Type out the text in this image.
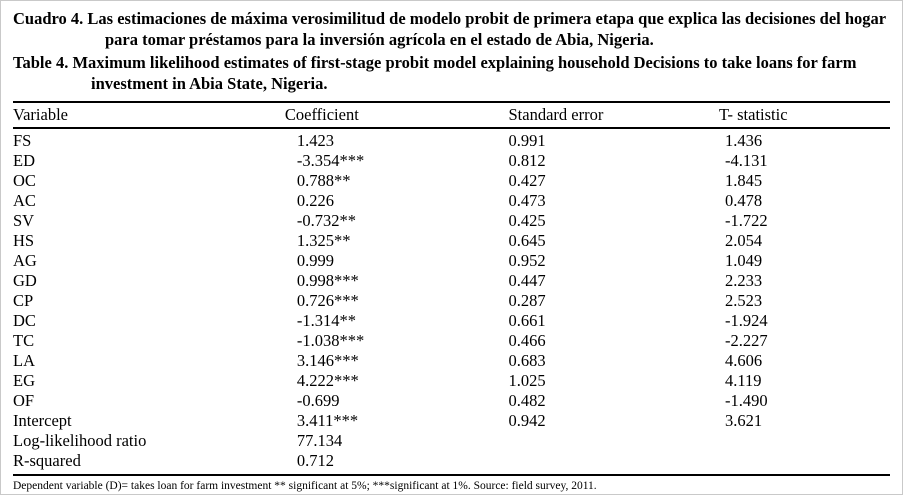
Cuadro 4. Las estimaciones de máxima verosimilitud de modelo probit de primera etapa que explica las decisiones del hogar para tomar préstamos para la inversión agrícola en el estado de Abia, Nigeria.

Table 4. Maximum likelihood estimates of first-stage probit model explaining household Decisions to take loans for farm investment in Abia State, Nigeria.

Variable	Coefficient	Standard error	T- statistic
FS	1.423	0.991	1.436
ED	-3.354***	0.812	-4.131
OC	0.788**	0.427	1.845
AC	0.226	0.473	0.478
SV	-0.732**	0.425	-1.722
HS	1.325**	0.645	2.054
AG	0.999	0.952	1.049
GD	0.998***	0.447	2.233
CP	0.726***	0.287	2.523
DC	-1.314**	0.661	-1.924
TC	-1.038***	0.466	-2.227
LA	3.146***	0.683	4.606
EG	4.222***	1.025	4.119
OF	-0.699	0.482	-1.490
Intercept	3.411***	0.942	3.621
Log-likelihood ratio	77.134		
R-squared	0.712		

Dependent variable (D)= takes loan for farm investment ** significant at 5%; ***significant at 1%. Source: field survey, 2011.
